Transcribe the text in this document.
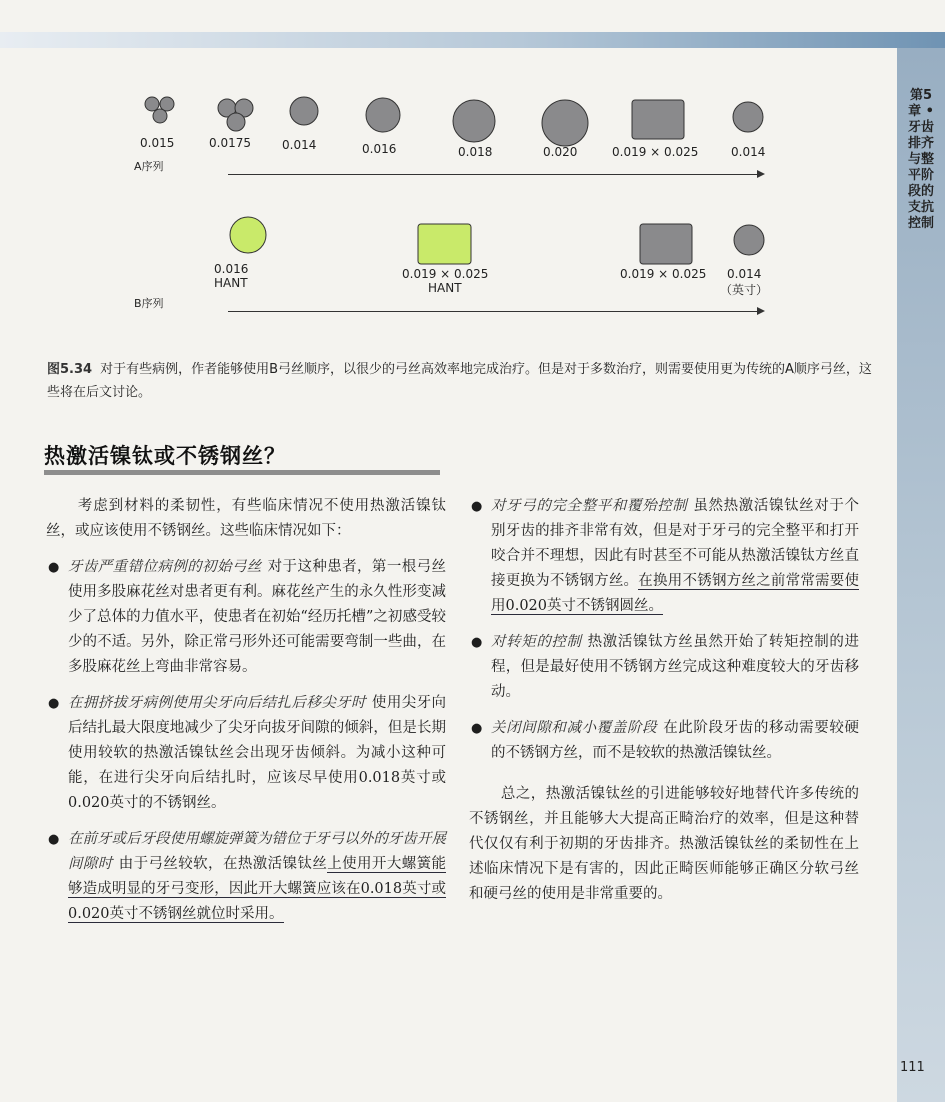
第5章 • 牙齿排齐与整平阶段的支抗控制
0.015	0.0175	0.014	0.016	0.018	0.020	0.019 × 0.025	0.014
A序列
0.016
HANT
0.019 × 0.025
HANT
0.019 × 0.025 0.014
（英寸）
B序列
图5.34 对于有些病例，作者能够使用B弓丝顺序，以很少的弓丝高效率地完成治疗。但是对于多数治疗，则需要使用更为传统的A顺序弓丝，这些将在后文讨论。
热激活镍钛或不锈钢丝？

考虑到材料的柔韧性，有些临床情况不使用热激活镍钛丝，或应该使用不锈钢丝。这些临床情况如下：

● 牙齿严重错位病例的初始弓丝 对于这种患者，第一根弓丝使用多股麻花丝对患者更有利。麻花丝产生的永久性形变减少了总体的力值水平，使患者在初始“经历托槽”之初感受较少的不适。另外，除正常弓形外还可能需要弯制一些曲，在多股麻花丝上弯曲非常容易。

● 在拥挤拔牙病例使用尖牙向后结扎后移尖牙时 使用尖牙向后结扎最大限度地减少了尖牙向拔牙间隙的倾斜，但是长期使用较软的热激活镍钛丝会出现牙齿倾斜。为减小这种可能，在进行尖牙向后结扎时，应该尽早使用0.018英寸或0.020英寸的不锈钢丝。

● 在前牙或后牙段使用螺旋弹簧为错位于牙弓以外的牙齿开展间隙时 由于弓丝较软，在热激活镍钛丝上使用开大螺簧能够造成明显的牙弓变形，因此开大螺簧应该在0.018英寸或0.020英寸不锈钢丝就位时采用。

● 对牙弓的完全整平和覆殆控制 虽然热激活镍钛丝对于个别牙齿的排齐非常有效，但是对于牙弓的完全整平和打开咬合并不理想，因此有时甚至不可能从热激活镍钛方丝直接更换为不锈钢方丝。在换用不锈钢方丝之前常常需要使用0.020英寸不锈钢圆丝。

● 对转矩的控制 热激活镍钛方丝虽然开始了转矩控制的进程，但是最好使用不锈钢方丝完成这种难度较大的牙齿移动。

● 关闭间隙和减小覆盖阶段 在此阶段牙齿的移动需要较硬的不锈钢方丝，而不是较软的热激活镍钛丝。

总之，热激活镍钛丝的引进能够较好地替代许多传统的不锈钢丝，并且能够大大提高正畸治疗的效率，但是这种替代仅仅有利于初期的牙齿排齐。热激活镍钛丝的柔韧性在上述临床情况下是有害的，因此正畸医师能够正确区分软弓丝和硬弓丝的使用是非常重要的。

111
